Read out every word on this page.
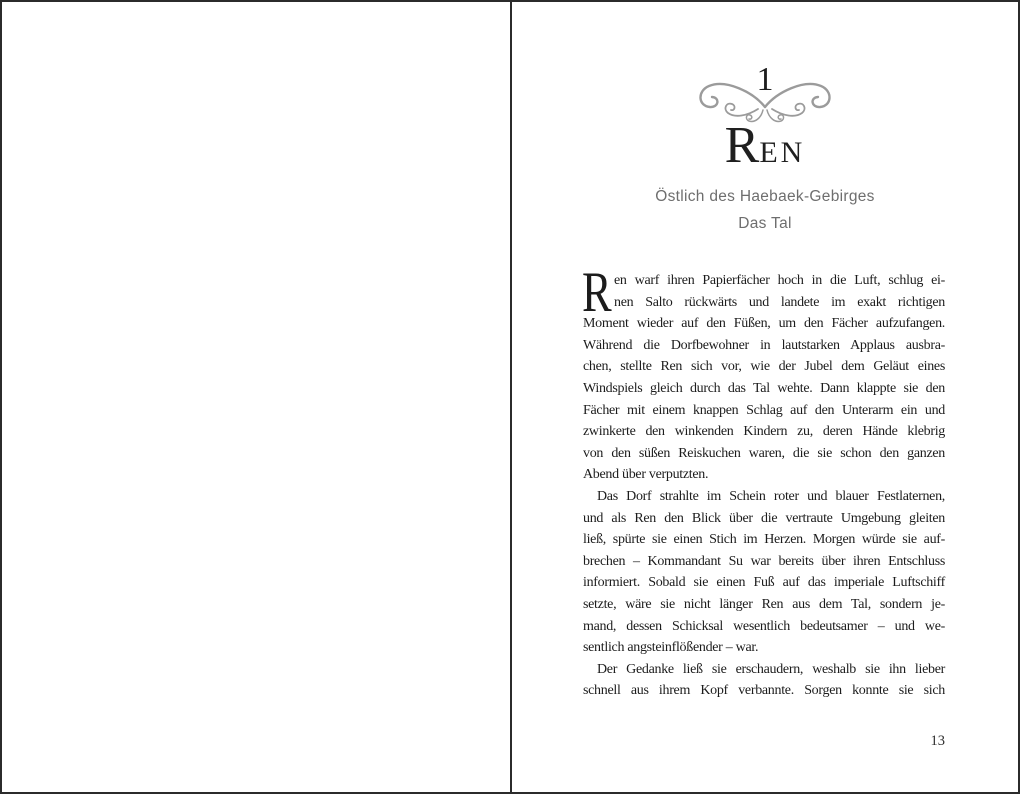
1
REN
Östlich des Haebaek-Gebirges
Das Tal
R en warf ihren Papierfächer hoch in die Luft, schlug ei-
nen Salto rückwärts und landete im exakt richtigen
Moment wieder auf den Füßen, um den Fächer aufzufangen.
Während die Dorfbewohner in lautstarken Applaus ausbra-
chen, stellte Ren sich vor, wie der Jubel dem Geläut eines
Windspiels gleich durch das Tal wehte. Dann klappte sie den
Fächer mit einem knappen Schlag auf den Unterarm ein und
zwinkerte den winkenden Kindern zu, deren Hände klebrig
von den süßen Reiskuchen waren, die sie schon den ganzen
Abend über verputzten.
Das Dorf strahlte im Schein roter und blauer Festlaternen,
und als Ren den Blick über die vertraute Umgebung gleiten
ließ, spürte sie einen Stich im Herzen. Morgen würde sie auf-
brechen – Kommandant Su war bereits über ihren Entschluss
informiert. Sobald sie einen Fuß auf das imperiale Luftschiff
setzte, wäre sie nicht länger Ren aus dem Tal, sondern je-
mand, dessen Schicksal wesentlich bedeutsamer – und we-
sentlich angsteinflößender – war.
Der Gedanke ließ sie erschaudern, weshalb sie ihn lieber
schnell aus ihrem Kopf verbannte. Sorgen konnte sie sich
13
